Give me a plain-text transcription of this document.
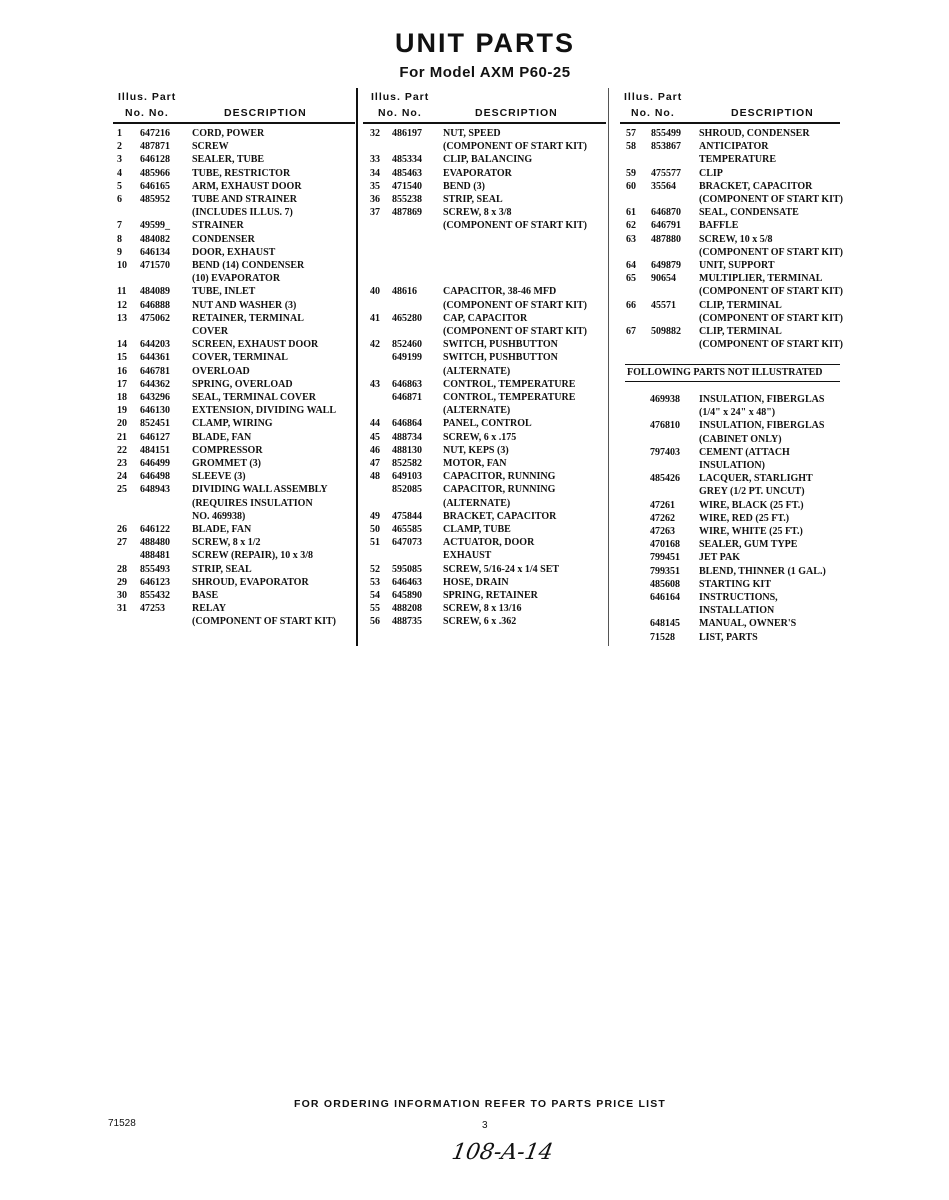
UNIT PARTS
For Model AXM P60-25
Illus. Part
No. No.	DESCRIPTION
1 647216 CORD, POWER
2 487871 SCREW
3 646128 SEALER, TUBE
4 485966 TUBE, RESTRICTOR
5 646165 ARM, EXHAUST DOOR
6 485952 TUBE AND STRAINER
(INCLUDES ILLUS. 7)
7 49599_ STRAINER
8 484082 CONDENSER
9 646134 DOOR, EXHAUST
10 471570 BEND (14) CONDENSER
(10) EVAPORATOR
11 484089 TUBE, INLET
12 646888 NUT AND WASHER (3)
13 475062 RETAINER, TERMINAL
COVER
14 644203 SCREEN, EXHAUST DOOR
15 644361 COVER, TERMINAL
16 646781 OVERLOAD
17 644362 SPRING, OVERLOAD
18 643296 SEAL, TERMINAL COVER
19 646130 EXTENSION, DIVIDING WALL
20 852451 CLAMP, WIRING
21 646127 BLADE, FAN
22 484151 COMPRESSOR
23 646499 GROMMET (3)
24 646498 SLEEVE (3)
25 648943 DIVIDING WALL ASSEMBLY
(REQUIRES INSULATION
NO. 469938)
26 646122 BLADE, FAN
27 488480 SCREW, 8 x 1/2
488481 SCREW (REPAIR), 10 x 3/8
28 855493 STRIP, SEAL
29 646123 SHROUD, EVAPORATOR
30 855432 BASE
31 47253	RELAY
(COMPONENT OF START KIT)
Illus. Part
No. No.	DESCRIPTION
32 486197 NUT, SPEED
(COMPONENT OF START KIT)
33 485334 CLIP, BALANCING
34 485463 EVAPORATOR
35 471540 BEND (3)
36 855238 STRIP, SEAL
37 487869 SCREW, 8 x 3/8
(COMPONENT OF START KIT)
40 48616	CAPACITOR, 38-46 MFD
(COMPONENT OF START KIT)
41 465280 CAP, CAPACITOR
(COMPONENT OF START KIT)
42 852460 SWITCH, PUSHBUTTON
649199 SWITCH, PUSHBUTTON
(ALTERNATE)
43 646863 CONTROL, TEMPERATURE
646871 CONTROL, TEMPERATURE
(ALTERNATE)
44 646864 PANEL, CONTROL
45 488734 SCREW, 6 x .175
46 488130 NUT, KEPS (3)
47 852582 MOTOR, FAN
48 649103 CAPACITOR, RUNNING
852085 CAPACITOR, RUNNING
(ALTERNATE)
49 475844 BRACKET, CAPACITOR
50 465585 CLAMP, TUBE
51 647073 ACTUATOR, DOOR
EXHAUST
52 595085 SCREW, 5/16-24 x 1/4 SET
53 646463 HOSE, DRAIN
54 645890 SPRING, RETAINER
55 488208 SCREW, 8 x 13/16
56 488735 SCREW, 6 x .362
Illus. Part
No. No.	DESCRIPTION
57 855499 SHROUD, CONDENSER
58 853867 ANTICIPATOR
TEMPERATURE
59 475577 CLIP
60 35564 BRACKET, CAPACITOR
(COMPONENT OF START KIT)
61 646870 SEAL, CONDENSATE
62 646791 BAFFLE
63 487880 SCREW, 10 x 5/8
(COMPONENT OF START KIT)
64 649879 UNIT, SUPPORT
65 90654 MULTIPLIER, TERMINAL
(COMPONENT OF START KIT)
66 45571 CLIP, TERMINAL
(COMPONENT OF START KIT)
67 509882 CLIP, TERMINAL
(COMPONENT OF START KIT)
469938 INSULATION, FIBERGLAS
(1/4" x 24" x 48")
476810 INSULATION, FIBERGLAS
(CABINET ONLY)
797403 CEMENT (ATTACH
INSULATION)
485426 LACQUER, STARLIGHT
GREY (1/2 PT. UNCUT)
47261 WIRE, BLACK (25 FT.)
47262 WIRE, RED (25 FT.)
47263 WIRE, WHITE (25 FT.)
470168 SEALER, GUM TYPE
799451 JET PAK
799351 BLEND, THINNER (1 GAL.)
485608 STARTING KIT
646164 INSTRUCTIONS,
INSTALLATION
648145 MANUAL, OWNER'S
71528 LIST, PARTS
FOLLOWING PARTS NOT ILLUSTRATED
FOR ORDERING INFORMATION REFER TO PARTS PRICE LIST
71528	3
108-A-14
